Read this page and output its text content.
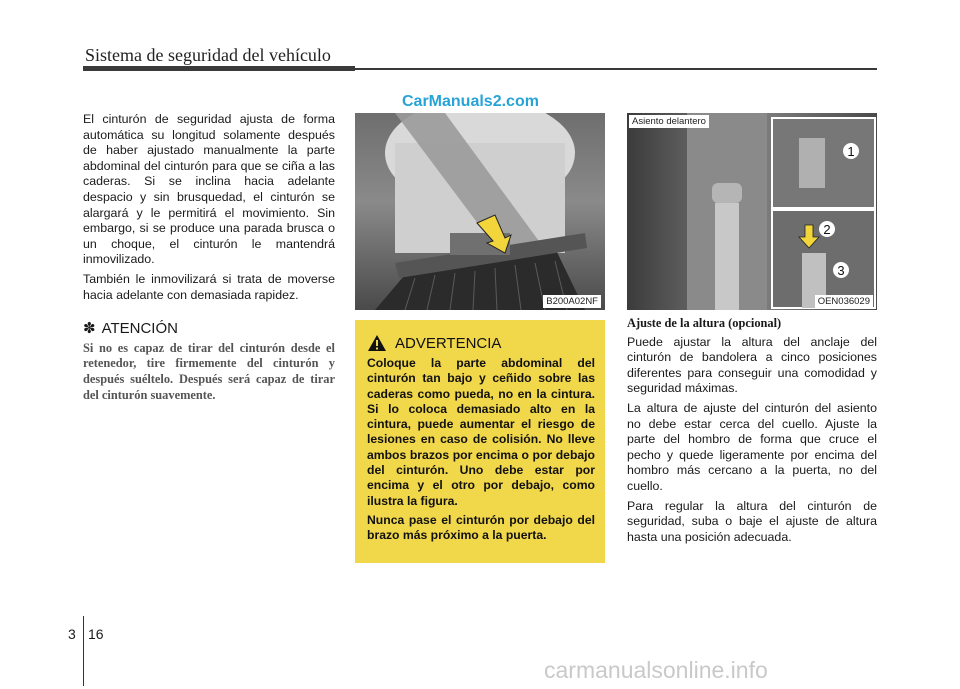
Sistema de seguridad del vehículo
CarManuals2.com

El cinturón de seguridad ajusta de forma automática su longitud solamente después de haber ajustado manualmente la parte abdominal del cinturón para que se ciña a las caderas. Si se inclina hacia adelante despacio y sin brusquedad, el cinturón se alargará y le permitirá el movimiento. Sin embargo, si se produce una parada brusca o un choque, el cinturón le mantendrá inmovilizado.

También le inmovilizará si trata de moverse hacia adelante con demasiada rapidez.

✽ ATENCIÓN

Si no es capaz de tirar del cinturón desde el retenedor, tire firmemente del cinturón y después suéltelo. Después será capaz de tirar del cinturón suavemente.

B200A02NF
1
2
3
Asiento delantero
OEN036029
ADVERTENCIA

Coloque la parte abdominal del cinturón tan bajo y ceñido sobre las caderas como pueda, no en la cintura. Si lo coloca demasiado alto en la cintura, puede aumentar el riesgo de lesiones en caso de colisión. No lleve ambos brazos por encima o por debajo del cinturón. Uno debe estar por encima y el otro por debajo, como ilustra la figura.

Nunca pase el cinturón por debajo del brazo más próximo a la puerta.

Ajuste de la altura (opcional)

Puede ajustar la altura del anclaje del cinturón de bandolera a cinco posiciones diferentes para conseguir una comodidad y seguridad máximas.

La altura de ajuste del cinturón del asiento no debe estar cerca del cuello. Ajuste la parte del hombro de forma que cruce el pecho y quede ligeramente por encima del hombro más cercano a la puerta, no del cuello.

Para regular la altura del cinturón de seguridad, suba o baje el ajuste de altura hasta una posición adecuada.

3 16
carmanualsonline.info
